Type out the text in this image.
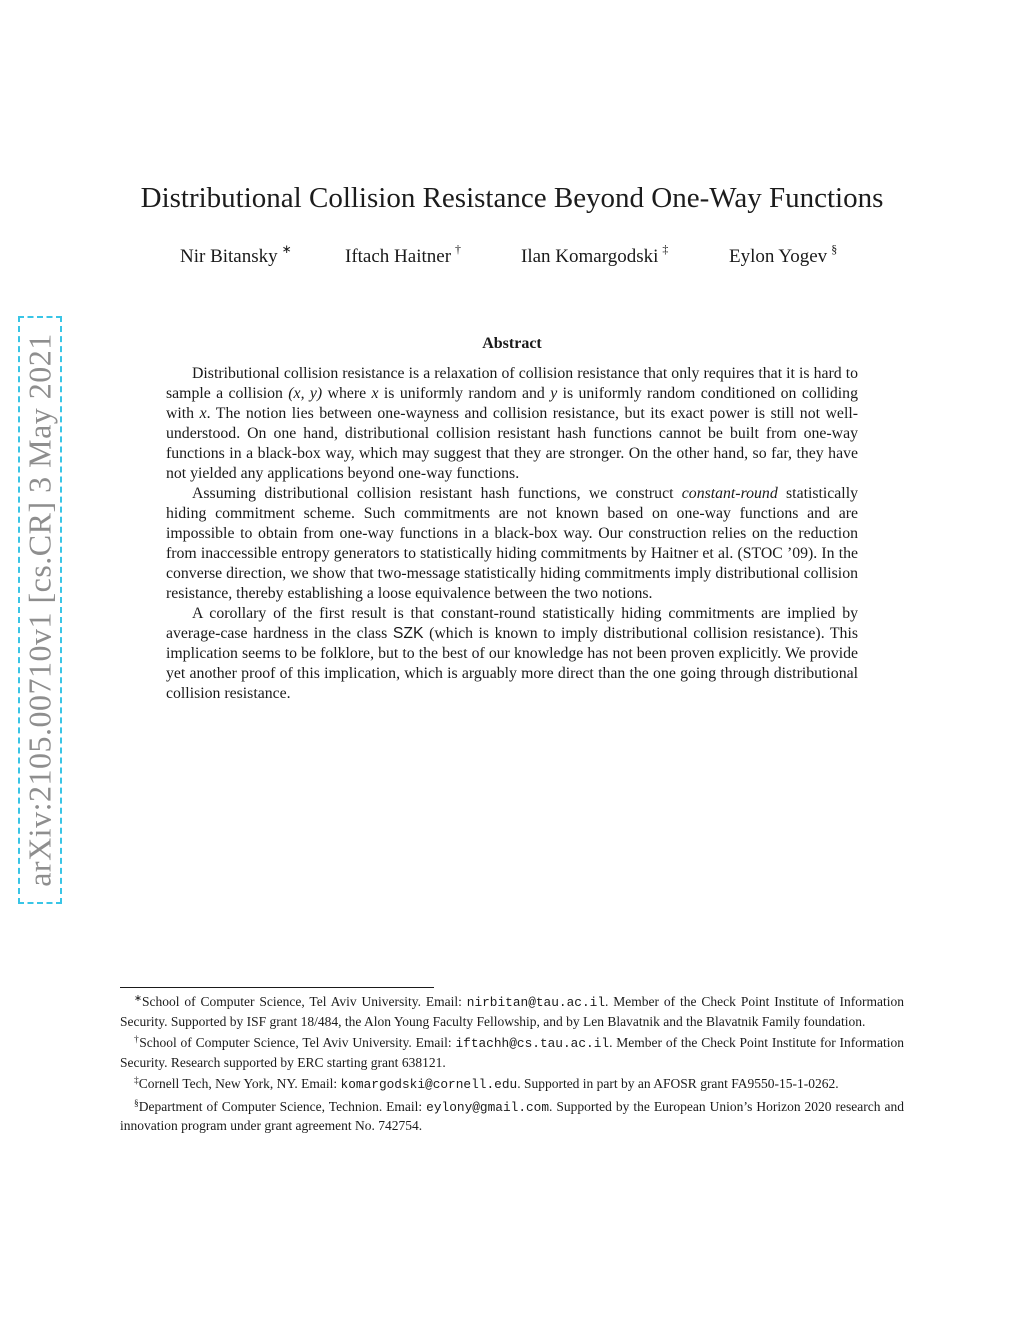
arXiv:2105.00710v1 [cs.CR] 3 May 2021
Distributional Collision Resistance Beyond One-Way Functions
Nir Bitansky ∗	Iftach Haitner †	Ilan Komargodski ‡	Eylon Yogev §
Abstract

Distributional collision resistance is a relaxation of collision resistance that only requires that it is hard to sample a collision (x, y) where x is uniformly random and y is uniformly random conditioned on colliding with x. The notion lies between one-wayness and collision resistance, but its exact power is still not well-understood. On one hand, distributional collision resistant hash functions cannot be built from one-way functions in a black-box way, which may suggest that they are stronger. On the other hand, so far, they have not yielded any applications beyond one-way functions.

Assuming distributional collision resistant hash functions, we construct constant-round statistically hiding commitment scheme. Such commitments are not known based on one-way functions and are impossible to obtain from one-way functions in a black-box way. Our construction relies on the reduction from inaccessible entropy generators to statistically hiding commitments by Haitner et al. (STOC ’09). In the converse direction, we show that two-message statistically hiding commitments imply distributional collision resistance, thereby establishing a loose equivalence between the two notions.

A corollary of the first result is that constant-round statistically hiding commitments are implied by average-case hardness in the class SZK (which is known to imply distributional collision resistance). This implication seems to be folklore, but to the best of our knowledge has not been proven explicitly. We provide yet another proof of this implication, which is arguably more direct than the one going through distributional collision resistance.

∗School of Computer Science, Tel Aviv University. Email: nirbitan@tau.ac.il. Member of the Check Point Institute of Information Security. Supported by ISF grant 18/484, the Alon Young Faculty Fellowship, and by Len Blavatnik and the Blavatnik Family foundation.

†School of Computer Science, Tel Aviv University. Email: iftachh@cs.tau.ac.il. Member of the Check Point Institute for Information Security. Research supported by ERC starting grant 638121.

‡Cornell Tech, New York, NY. Email: komargodski@cornell.edu. Supported in part by an AFOSR grant FA9550-15-1-0262.

§Department of Computer Science, Technion. Email: eylony@gmail.com. Supported by the European Union’s Horizon 2020 research and innovation program under grant agreement No. 742754.
